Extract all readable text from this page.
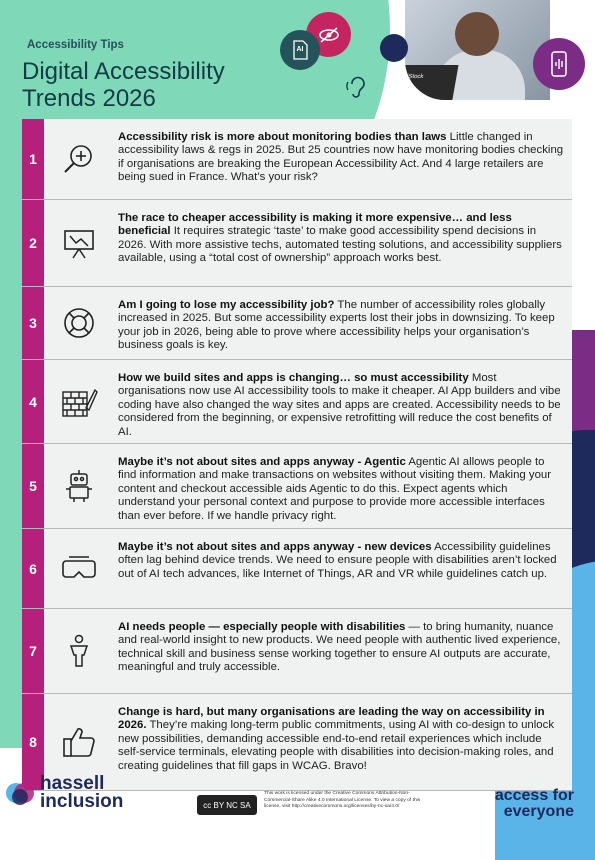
Accessibility Tips
Digital Accessibility
Trends 2026
iStock
AI
1
Accessibility risk is more about monitoring bodies than laws Little changed in accessibility laws & regs in 2025. But 25 countries now have monitoring bodies checking if organisations are breaking the European Accessibility Act. And 4 large retailers are being sued in France. What’s your risk?
2
The race to cheaper accessibility is making it more expensive… and less beneficial It requires strategic ‘taste’ to make good accessibility spend decisions in 2026. With more assistive techs, automated testing solutions, and accessibility suppliers available, using a “total cost of ownership” approach works best.
3
Am I going to lose my accessibility job? The number of accessibility roles globally increased in 2025. But some accessibility experts lost their jobs in downsizing. To keep your job in 2026, being able to prove where accessibility helps your organisation’s business goals is key.
4
How we build sites and apps is changing… so must accessibility Most organisations now use AI accessibility tools to make it cheaper. AI App builders and vibe coding have also changed the way sites and apps are created. Accessibility needs to be considered from the beginning, or expensive retrofitting will reduce the cost benefits of AI.
5
Maybe it’s not about sites and apps anyway - Agentic Agentic AI allows people to find information and make transactions on websites without visiting them. Making your content and checkout accessible aids Agentic to do this. Expect agents which understand your personal context and purpose to provide more accessible interfaces than ever before. If we handle privacy right.
6
Maybe it’s not about sites and apps anyway - new devices Accessibility guidelines often lag behind device trends. We need to ensure people with disabilities aren’t locked out of AI tech advances, like Internet of Things, AR and VR while guidelines catch up.
7
AI needs people — especially people with disabilities — to bring humanity, nuance and real-world insight to new products. We need people with authentic lived experience, technical skill and business sense working together to ensure AI outputs are accurate, meaningful and truly accessible.
8
Change is hard, but many organisations are leading the way on accessibility in 2026. They’re making long-term public commitments, using AI with co-design to unlock new possibilities, demanding accessible end-to-end retail experiences which include self-service terminals, elevating people with disabilities into decision-making roles, and creating guidelines that fill gaps in WCAG. Bravo!
hassell
inclusion	cc BY NC SA
This work is licensed under the Creative Commons Attribution-Non-Commercial-Share Alike 4.0 International License. To view a copy of this license, visit http://creativecommons.org/licenses/by-nc-sa/4.0/
access for
everyone
